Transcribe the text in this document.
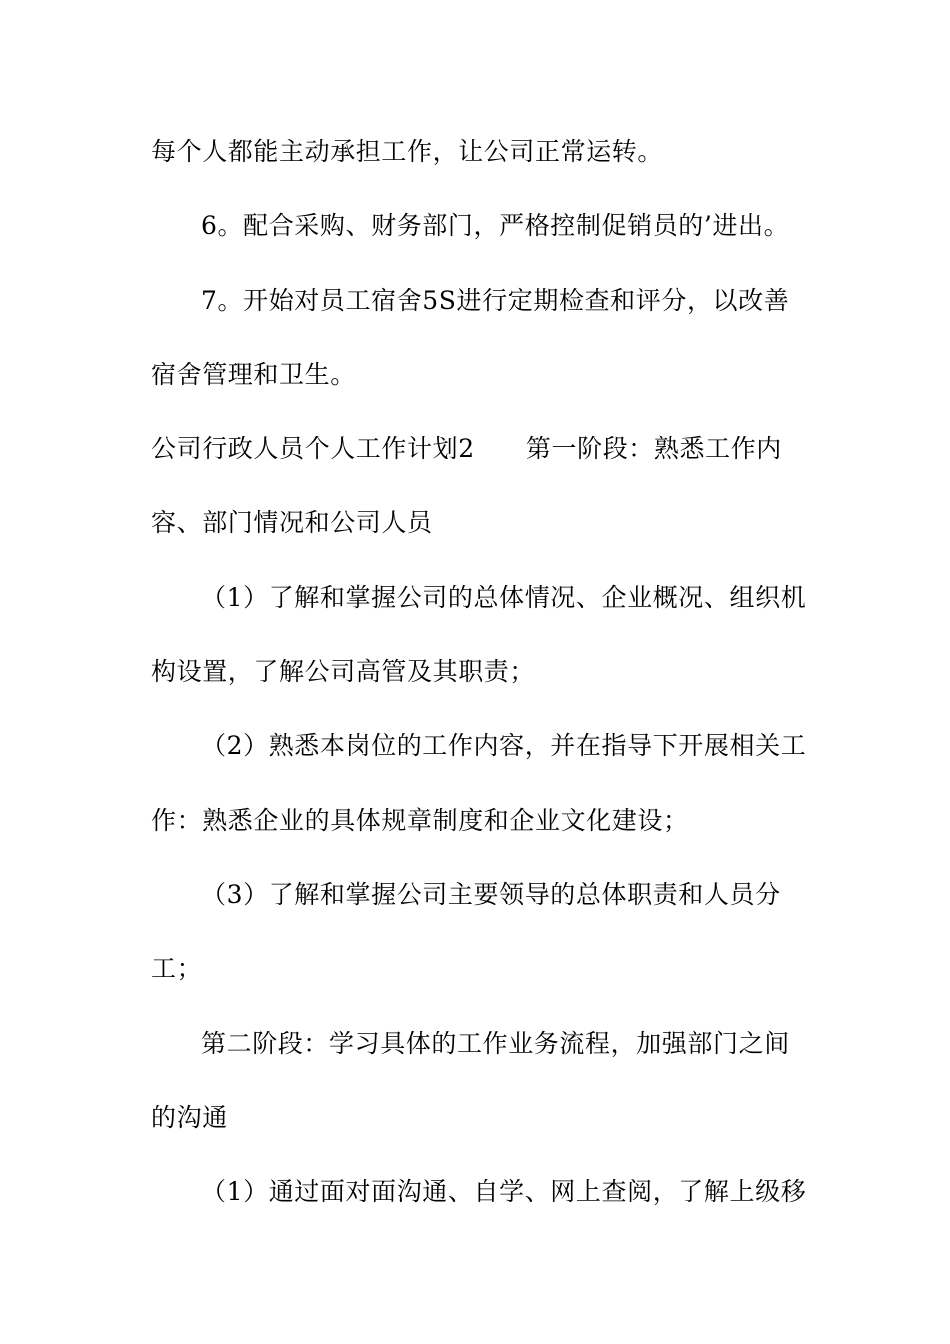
每个人都能主动承担工作，让公司正常运转。
6。配合采购、财务部门，严格控制促销员的’进出。
7。开始对员工宿舍5S进行定期检查和评分，以改善
宿舍管理和卫生。
公司行政人员个人工作计划2　　第一阶段：熟悉工作内
容、部门情况和公司人员
（1）了解和掌握公司的总体情况、企业概况、组织机
构设置，了解公司高管及其职责；
（2）熟悉本岗位的工作内容，并在指导下开展相关工
作：熟悉企业的具体规章制度和企业文化建设；
（3）了解和掌握公司主要领导的总体职责和人员分
工；
第二阶段：学习具体的工作业务流程，加强部门之间
的沟通
（1）通过面对面沟通、自学、网上查阅，了解上级移
